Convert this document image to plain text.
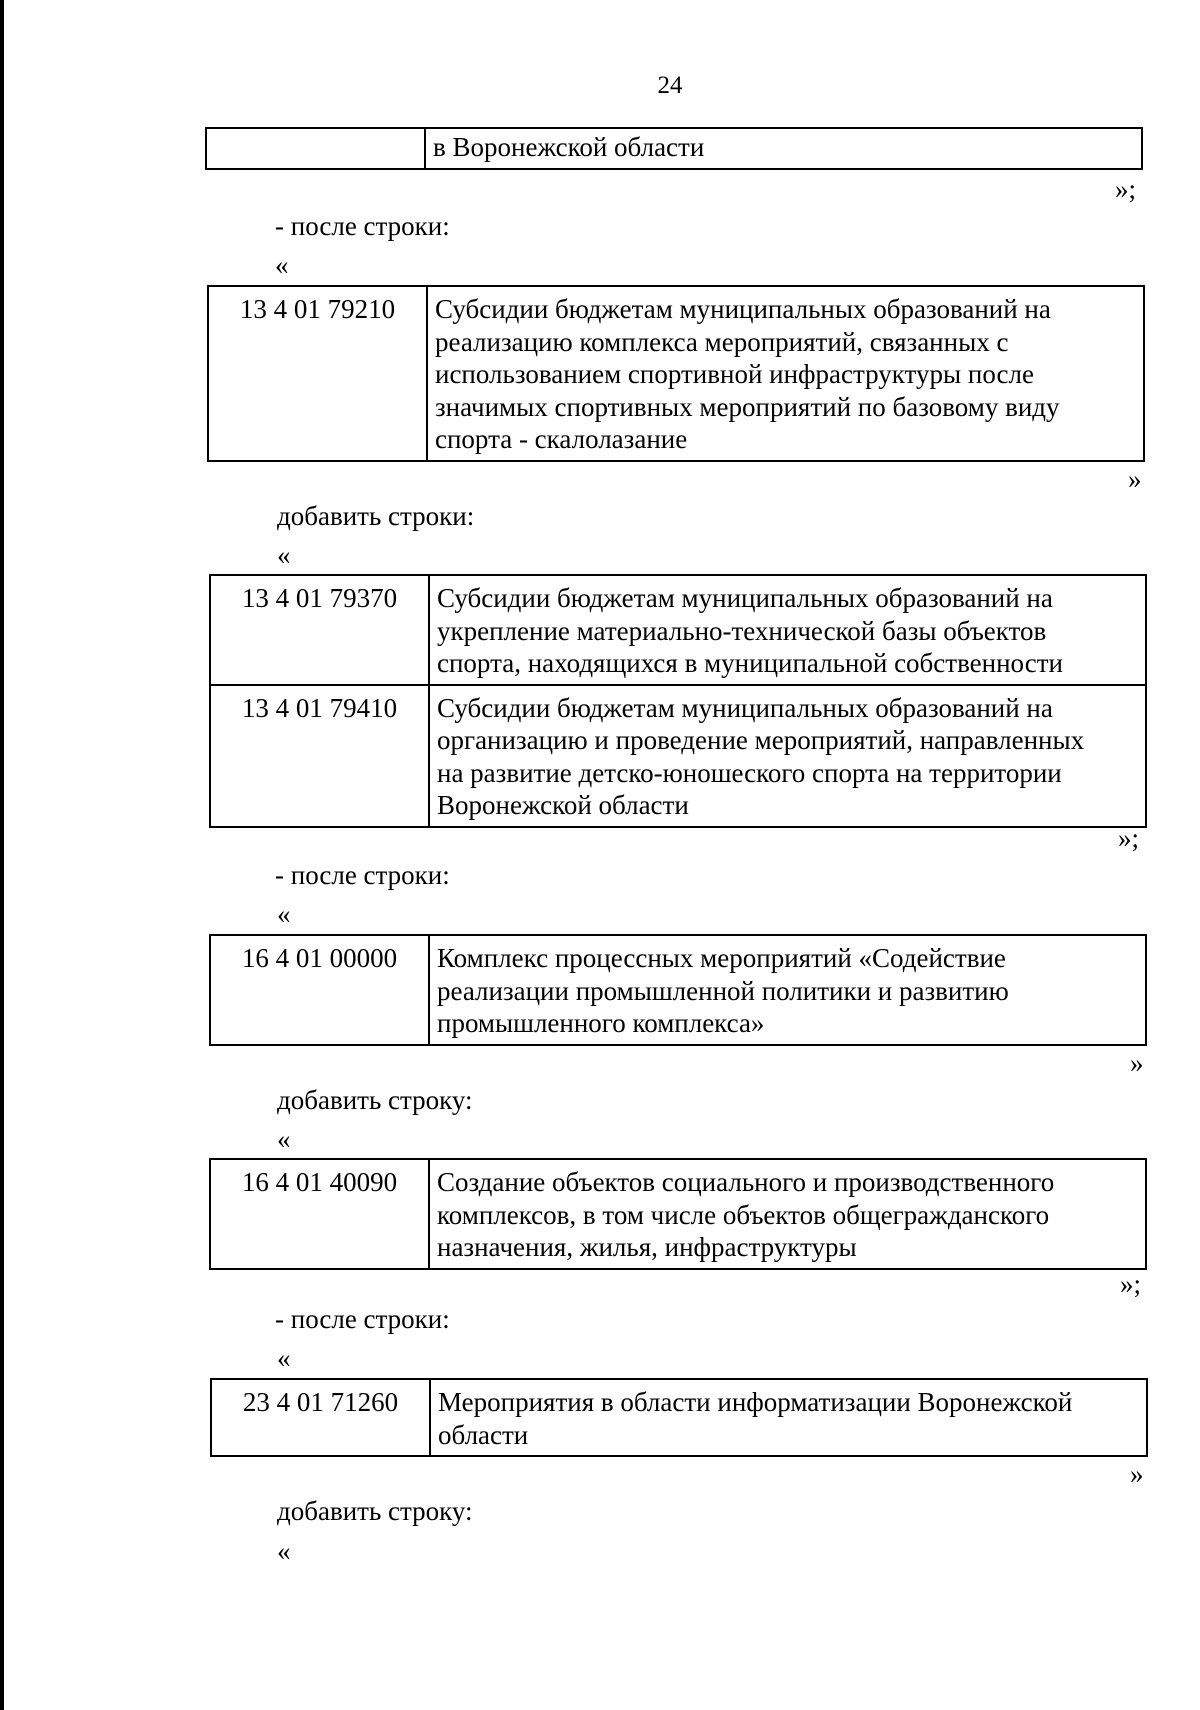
24
	в Воронежской области
»;
- после строки:
«
13 4 01 79210	Субсидии бюджетам муниципальных образований на
реализацию комплекса мероприятий, связанных с
использованием спортивной инфраструктуры после
значимых спортивных мероприятий по базовому виду
спорта - скалолазание
»
добавить строки:
«
13 4 01 79370	Субсидии бюджетам муниципальных образований на
укрепление материально-технической базы объектов
спорта, находящихся в муниципальной собственности

13 4 01 79410	Субсидии бюджетам муниципальных образований на
организацию и проведение мероприятий, направленных
на развитие детско-юношеского спорта на территории
Воронежской области
»;
- после строки:
«
16 4 01 00000	Комплекс процессных мероприятий «Содействие
реализации промышленной политики и развитию
промышленного комплекса»
»
добавить строку:
«
16 4 01 40090	Создание объектов социального и производственного
комплексов, в том числе объектов общегражданского
назначения, жилья, инфраструктуры
»;
- после строки:
«
23 4 01 71260	Мероприятия в области информатизации Воронежской
области
»
добавить строку:
«
